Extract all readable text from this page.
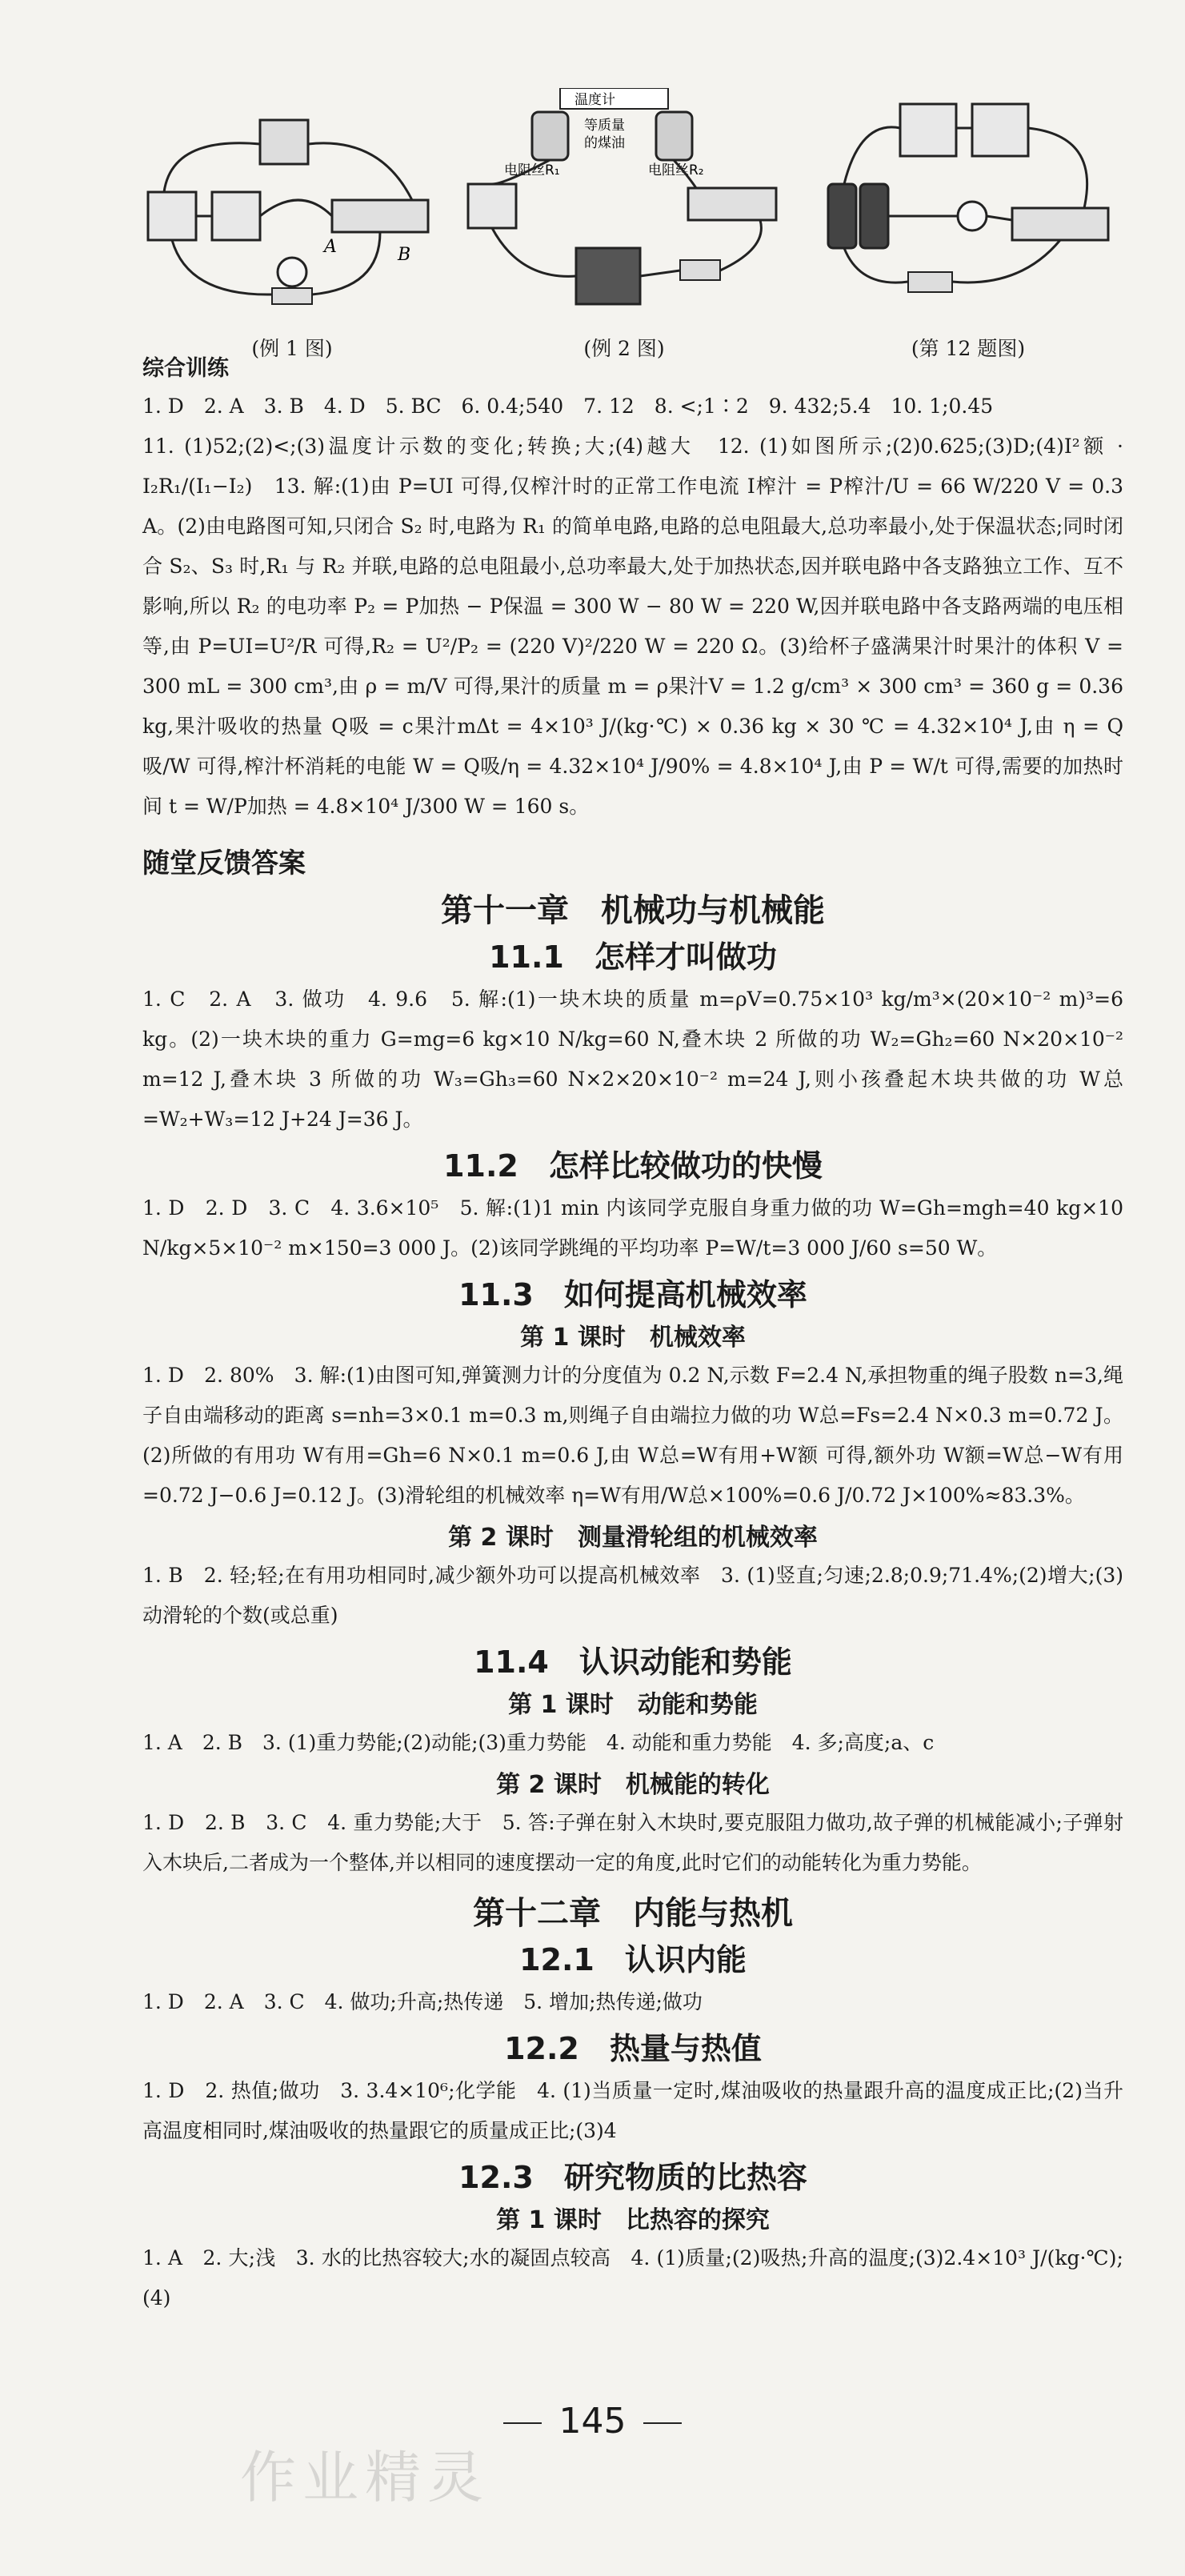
A	B
(例 1 图)
温度计
等质量
的煤油
电阻丝R₁	电阻丝R₂
(例 2 图)	(第 12 题图)
综合训练

1. D　2. A　3. B　4. D　5. BC　6. 0.4;540　7. 12　8. <;1∶2　9. 432;5.4　10. 1;0.45

11. (1)52;(2)<;(3)温度计示数的变化;转换;大;(4)越大　12. (1)如图所示;(2)0.625;(3)D;(4)I²额 · I₂R₁/(I₁−I₂)　13. 解:(1)由 P=UI 可得,仅榨汁时的正常工作电流 I榨汁 = P榨汁/U = 66 W/220 V = 0.3 A。(2)由电路图可知,只闭合 S₂ 时,电路为 R₁ 的简单电路,电路的总电阻最大,总功率最小,处于保温状态;同时闭合 S₂、S₃ 时,R₁ 与 R₂ 并联,电路的总电阻最小,总功率最大,处于加热状态,因并联电路中各支路独立工作、互不影响,所以 R₂ 的电功率 P₂ = P加热 − P保温 = 300 W − 80 W = 220 W,因并联电路中各支路两端的电压相等,由 P=UI=U²/R 可得,R₂ = U²/P₂ = (220 V)²/220 W = 220 Ω。(3)给杯子盛满果汁时果汁的体积 V = 300 mL = 300 cm³,由 ρ = m/V 可得,果汁的质量 m = ρ果汁V = 1.2 g/cm³ × 300 cm³ = 360 g = 0.36 kg,果汁吸收的热量 Q吸 = c果汁mΔt = 4×10³ J/(kg·℃) × 0.36 kg × 30 ℃ = 4.32×10⁴ J,由 η = Q吸/W 可得,榨汁杯消耗的电能 W = Q吸/η = 4.32×10⁴ J/90% = 4.8×10⁴ J,由 P = W/t 可得,需要的加热时间 t = W/P加热 = 4.8×10⁴ J/300 W = 160 s。

随堂反馈答案
第十一章　机械功与机械能
11.1　怎样才叫做功

1. C　2. A　3. 做功　4. 9.6　5. 解:(1)一块木块的质量 m=ρV=0.75×10³ kg/m³×(20×10⁻² m)³=6 kg。(2)一块木块的重力 G=mg=6 kg×10 N/kg=60 N,叠木块 2 所做的功 W₂=Gh₂=60 N×20×10⁻² m=12 J,叠木块 3 所做的功 W₃=Gh₃=60 N×2×20×10⁻² m=24 J,则小孩叠起木块共做的功 W总=W₂+W₃=12 J+24 J=36 J。

11.2　怎样比较做功的快慢

1. D　2. D　3. C　4. 3.6×10⁵　5. 解:(1)1 min 内该同学克服自身重力做的功 W=Gh=mgh=40 kg×10 N/kg×5×10⁻² m×150=3 000 J。(2)该同学跳绳的平均功率 P=W/t=3 000 J/60 s=50 W。

11.3　如何提高机械效率
第 1 课时　机械效率

1. D　2. 80%　3. 解:(1)由图可知,弹簧测力计的分度值为 0.2 N,示数 F=2.4 N,承担物重的绳子股数 n=3,绳子自由端移动的距离 s=nh=3×0.1 m=0.3 m,则绳子自由端拉力做的功 W总=Fs=2.4 N×0.3 m=0.72 J。(2)所做的有用功 W有用=Gh=6 N×0.1 m=0.6 J,由 W总=W有用+W额 可得,额外功 W额=W总−W有用=0.72 J−0.6 J=0.12 J。(3)滑轮组的机械效率 η=W有用/W总×100%=0.6 J/0.72 J×100%≈83.3%。

第 2 课时　测量滑轮组的机械效率

1. B　2. 轻;轻;在有用功相同时,减少额外功可以提高机械效率　3. (1)竖直;匀速;2.8;0.9;71.4%;(2)增大;(3)动滑轮的个数(或总重)

11.4　认识动能和势能
第 1 课时　动能和势能

1. A　2. B　3. (1)重力势能;(2)动能;(3)重力势能　4. 动能和重力势能　4. 多;高度;a、c

第 2 课时　机械能的转化

1. D　2. B　3. C　4. 重力势能;大于　5. 答:子弹在射入木块时,要克服阻力做功,故子弹的机械能减小;子弹射入木块后,二者成为一个整体,并以相同的速度摆动一定的角度,此时它们的动能转化为重力势能。

第十二章　内能与热机
12.1　认识内能

1. D　2. A　3. C　4. 做功;升高;热传递　5. 增加;热传递;做功

12.2　热量与热值

1. D　2. 热值;做功　3. 3.4×10⁶;化学能　4. (1)当质量一定时,煤油吸收的热量跟升高的温度成正比;(2)当升高温度相同时,煤油吸收的热量跟它的质量成正比;(3)4

12.3　研究物质的比热容
第 1 课时　比热容的探究

1. A　2. 大;浅　3. 水的比热容较大;水的凝固点较高　4. (1)质量;(2)吸热;升高的温度;(3)2.4×10³ J/(kg·℃);(4)

145
作业精灵
